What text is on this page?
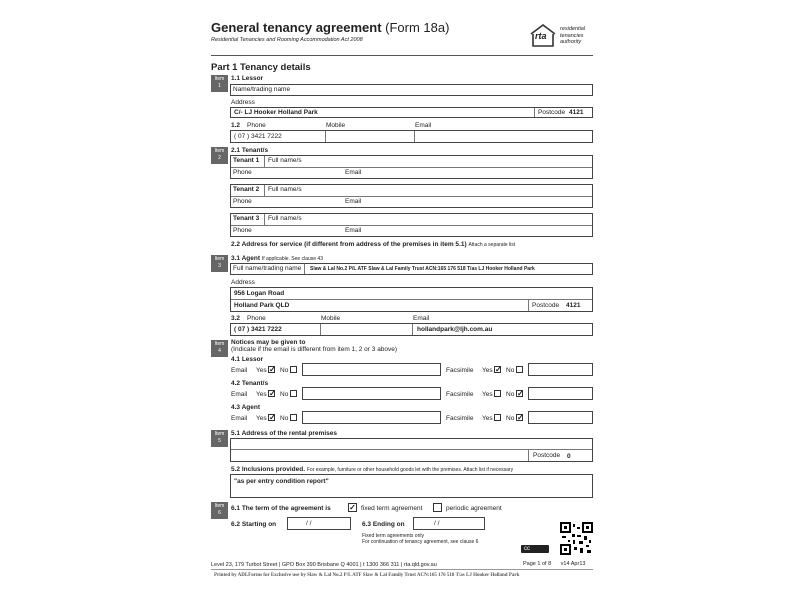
General tenancy agreement (Form 18a)
Residential Tenancies and Rooming Accommodation Act 2008	rta
residential
tenancies
authority
Part 1 Tenancy details
Item
1
1.1 Lessor
Name/trading name
Address
C/- LJ Hooker Holland Park	Postcode 4121
1.2 Phone	Mobile	Email
( 07 ) 3421 7222
Item
2
2.1 Tenant/s
Tenant 1 Full name/s
Phone	Email
Tenant 2 Full name/s
Phone	Email
Tenant 3 Full name/s
Phone	Email
2.2 Address for service (if different from address of the premises in item 5.1) Attach a separate list
Item
3
3.1 Agent If applicable. See clause 43
Full name/trading name Slaw & Lal No.2 P/L ATF Slaw & Lal Family Trust ACN:165 176 518 T/as LJ Hooker Holland Park
Address
956 Logan Road
Holland Park QLD	Postcode 4121
3.2 Phone	Mobile	Email
( 07 ) 3421 7222	hollandpark@ljh.com.au
Item
4
Notices may be given to
(Indicate if the email is different from item 1, 2 or 3 above)
4.1 Lessor
Email Yes ✓ No	Facsimile Yes ✓ No
4.2 Tenant/s
Email Yes ✓ No	Facsimile Yes No ✓
4.3 Agent
Email Yes ✓ No	Facsimile Yes No ✓
Item
5
5.1 Address of the rental premises
Postcode 0
5.2 Inclusions provided. For example, furniture or other household goods let with the premises. Attach list if necessary
"as per entry condition report"
Item
6
6.1 The term of the agreement is ✓ fixed term agreement	periodic agreement
6.2 Starting on	/ /	6.3 Ending on	/ /
Fixed term agreements only
For continuation of tenancy agreement, see clause 6
cc
Page 1 of 8 v14 Apr13
Level 23, 179 Turbot Street | GPO Box 390 Brisbane Q 4001 | t 1300 366 311 | rta.qld.gov.au
Printed by ADLForms for Exclusive use by Slaw & Lal No.2 P/L ATF Slaw & Lal Family Trust ACN:165 176 518 T/as LJ Hooker Holland Park
